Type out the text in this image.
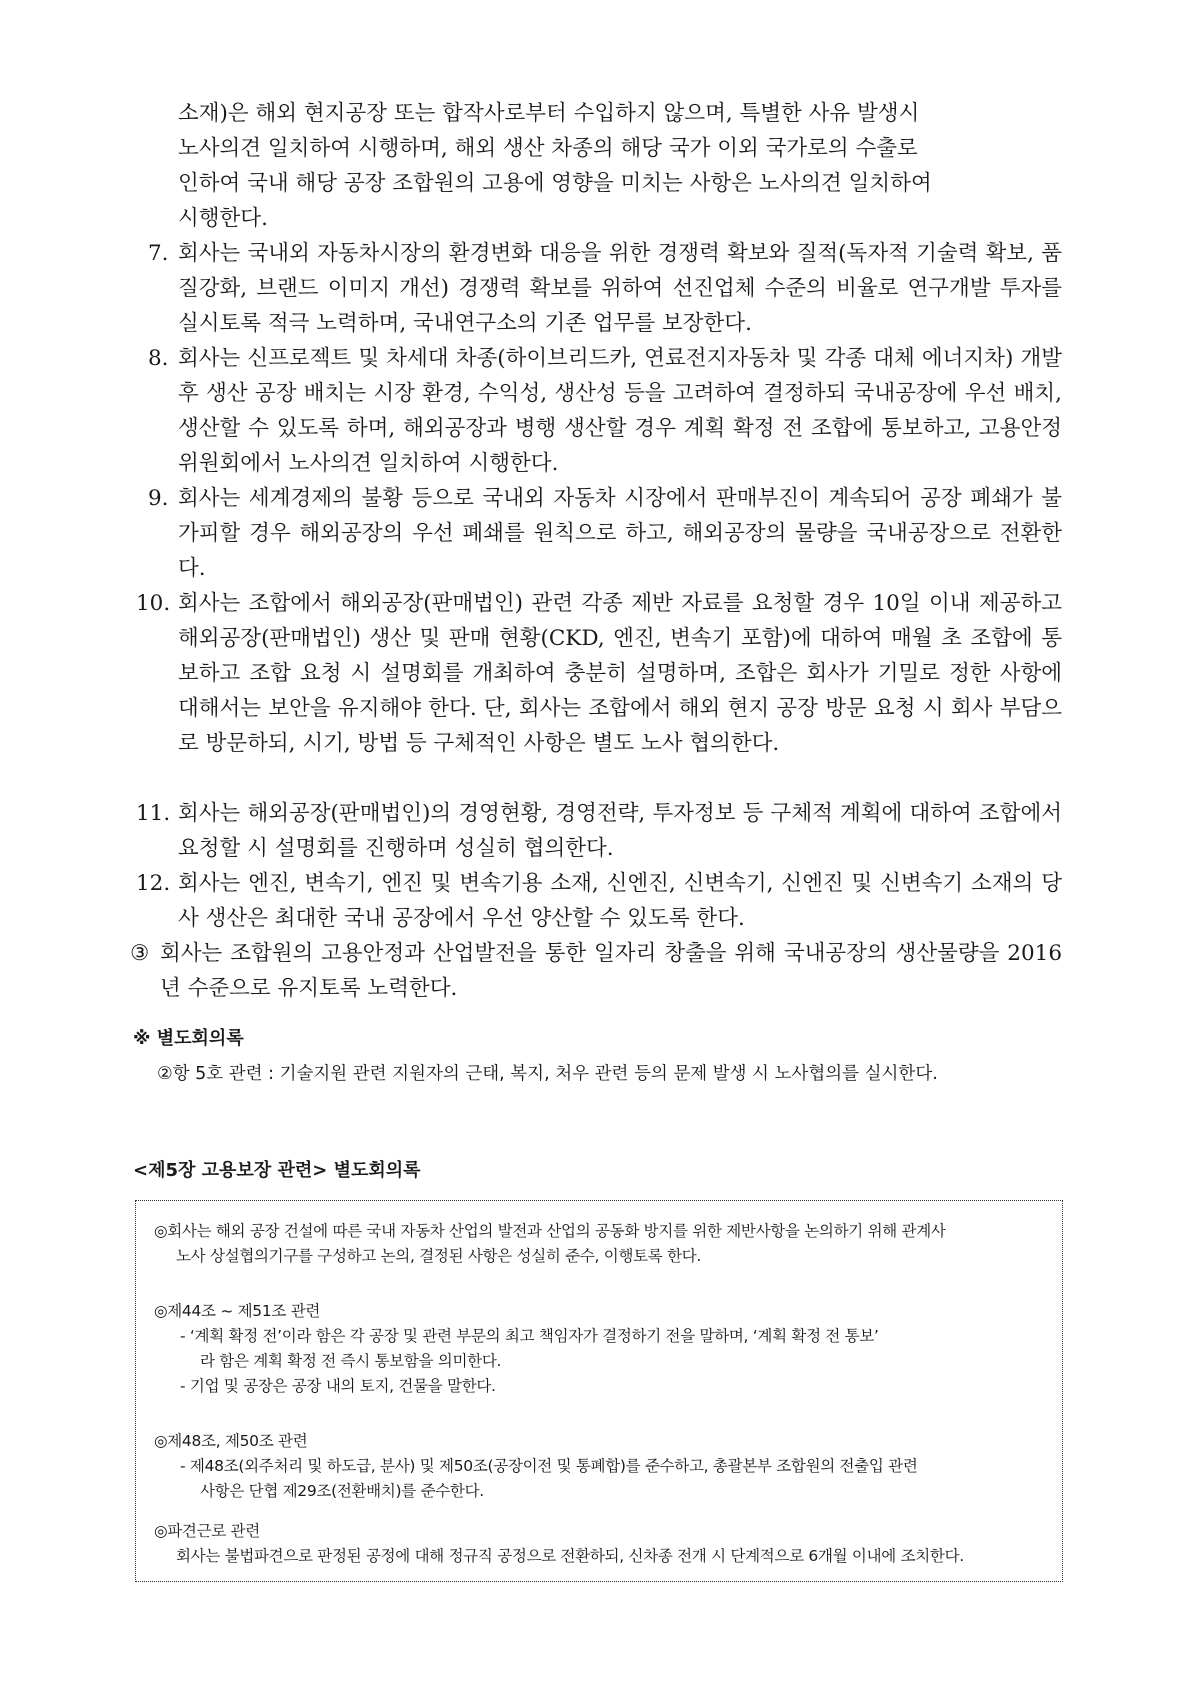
소재)은 해외 현지공장 또는 합작사로부터 수입하지 않으며, 특별한 사유 발생시
노사의견 일치하여 시행하며, 해외 생산 차종의 해당 국가 이외 국가로의 수출로
인하여 국내 해당 공장 조합원의 고용에 영향을 미치는 사항은 노사의견 일치하여
시행한다.
7. 회사는 국내외 자동차시장의 환경변화 대응을 위한 경쟁력 확보와 질적(독자적 기술력 확보, 품질강화, 브랜드 이미지 개선) 경쟁력 확보를 위하여 선진업체 수준의 비율로 연구개발 투자를 실시토록 적극 노력하며, 국내연구소의 기존 업무를 보장한다.
8. 회사는 신프로젝트 및 차세대 차종(하이브리드카, 연료전지자동차 및 각종 대체 에너지차) 개발 후 생산 공장 배치는 시장 환경, 수익성, 생산성 등을 고려하여 결정하되 국내공장에 우선 배치, 생산할 수 있도록 하며, 해외공장과 병행 생산할 경우 계획 확정 전 조합에 통보하고, 고용안정위원회에서 노사의견 일치하여 시행한다.
9. 회사는 세계경제의 불황 등으로 국내외 자동차 시장에서 판매부진이 계속되어 공장 폐쇄가 불가피할 경우 해외공장의 우선 폐쇄를 원칙으로 하고, 해외공장의 물량을 국내공장으로 전환한다.
10. 회사는 조합에서 해외공장(판매법인) 관련 각종 제반 자료를 요청할 경우 10일 이내 제공하고 해외공장(판매법인) 생산 및 판매 현황(CKD, 엔진, 변속기 포함)에 대하여 매월 초 조합에 통보하고 조합 요청 시 설명회를 개최하여 충분히 설명하며, 조합은 회사가 기밀로 정한 사항에 대해서는 보안을 유지해야 한다. 단, 회사는 조합에서 해외 현지 공장 방문 요청 시 회사 부담으로 방문하되, 시기, 방법 등 구체적인 사항은 별도 노사 협의한다.
11. 회사는 해외공장(판매법인)의 경영현황, 경영전략, 투자정보 등 구체적 계획에 대하여 조합에서 요청할 시 설명회를 진행하며 성실히 협의한다.
12. 회사는 엔진, 변속기, 엔진 및 변속기용 소재, 신엔진, 신변속기, 신엔진 및 신변속기 소재의 당사 생산은 최대한 국내 공장에서 우선 양산할 수 있도록 한다.
③ 회사는 조합원의 고용안정과 산업발전을 통한 일자리 창출을 위해 국내공장의 생산물량을 2016년 수준으로 유지토록 노력한다.

※ 별도회의록

②항 5호 관련 : 기술지원 관련 지원자의 근태, 복지, 처우 관련 등의 문제 발생 시 노사협의를 실시한다.

<제5장 고용보장 관련> 별도회의록

◎회사는 해외 공장 건설에 따른 국내 자동차 산업의 발전과 산업의 공동화 방지를 위한 제반사항을 논의하기 위해 관계사
노사 상설협의기구를 구성하고 논의, 결정된 사항은 성실히 준수, 이행토록 한다.
◎제44조 ~ 제51조 관련
- ‘계획 확정 전’이라 함은 각 공장 및 관련 부문의 최고 책임자가 결정하기 전을 말하며, ‘계획 확정 전 통보’
라 함은 계획 확정 전 즉시 통보함을 의미한다.
- 기업 및 공장은 공장 내의 토지, 건물을 말한다.
◎제48조, 제50조 관련
- 제48조(외주처리 및 하도급, 분사) 및 제50조(공장이전 및 통폐합)를 준수하고, 총괄본부 조합원의 전출입 관련
사항은 단협 제29조(전환배치)를 준수한다.
◎파견근로 관련
회사는 불법파견으로 판정된 공정에 대해 정규직 공정으로 전환하되, 신차종 전개 시 단계적으로 6개월 이내에 조치한다.
